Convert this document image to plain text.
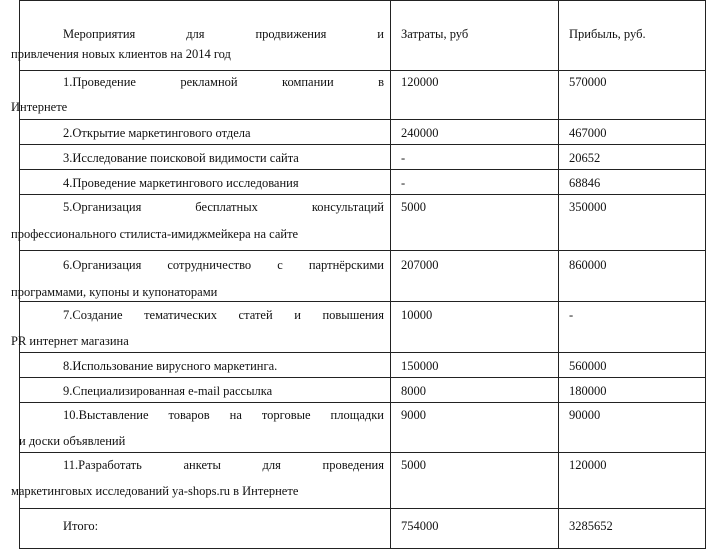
Мероприятия для продвижения и
привлечения новых клиентов на 2014 год	Затраты, руб	Прибыль, руб.

1.Проведение рекламной компании в
Интернете	120000	570000

2.Открытие маркетингового отдела	240000	467000

3.Исследование поисковой видимости сайта	-	20652

4.Проведение маркетингового исследования	-	68846

5.Организация бесплатных консультаций
профессионального стилиста-имиджмейкера на сайте	5000	350000

6.Организация сотрудничество с партнёрскими
программами, купоны и купонаторами	207000	860000

7.Создание тематических статей и повышения
PR интернет магазина	10000	-

8.Использование вирусного маркетинга.	150000	560000

9.Специализированная e-mail рассылка	8000	180000

10.Выставление товаров на торговые площадки
и доски объявлений	9000	90000

11.Разработать анкеты для проведения
маркетинговых исследований ya-shops.ru в Интернете	5000	120000

Итого:	754000	3285652
